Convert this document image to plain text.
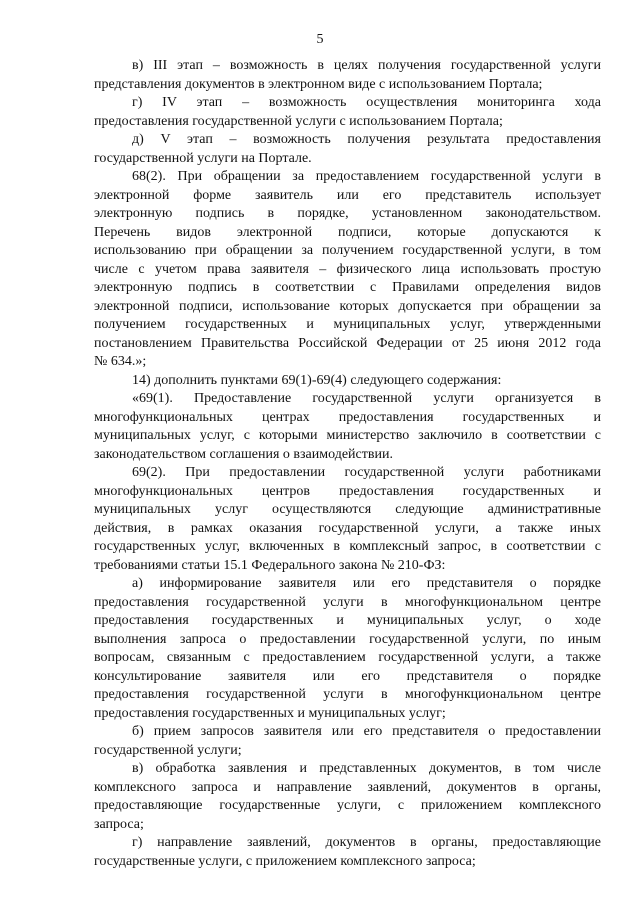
5
в) III этап – возможность в целях получения государственной услуги
представления документов в электронном виде с использованием Портала;
г) IV этап – возможность осуществления мониторинга хода
предоставления государственной услуги с использованием Портала;
д) V этап – возможность получения результата предоставления
государственной услуги на Портале.
68(2). При обращении за предоставлением государственной услуги в
электронной форме заявитель или его представитель использует
электронную подпись в порядке, установленном законодательством.
Перечень видов электронной подписи, которые допускаются к
использованию при обращении за получением государственной услуги, в том
числе с учетом права заявителя – физического лица использовать простую
электронную подпись в соответствии с Правилами определения видов
электронной подписи, использование которых допускается при обращении за
получением государственных и муниципальных услуг, утвержденными
постановлением Правительства Российской Федерации от 25 июня 2012 года
№ 634.»;
14) дополнить пунктами 69(1)-69(4) следующего содержания:
«69(1). Предоставление государственной услуги организуется в
многофункциональных центрах предоставления государственных и
муниципальных услуг, с которыми министерство заключило в соответствии с
законодательством соглашения о взаимодействии.
69(2). При предоставлении государственной услуги работниками
многофункциональных центров предоставления государственных и
муниципальных услуг осуществляются следующие административные
действия, в рамках оказания государственной услуги, а также иных
государственных услуг, включенных в комплексный запрос, в соответствии с
требованиями статьи 15.1 Федерального закона № 210-ФЗ:
а) информирование заявителя или его представителя о порядке
предоставления государственной услуги в многофункциональном центре
предоставления государственных и муниципальных услуг, о ходе
выполнения запроса о предоставлении государственной услуги, по иным
вопросам, связанным с предоставлением государственной услуги, а также
консультирование заявителя или его представителя о порядке
предоставления государственной услуги в многофункциональном центре
предоставления государственных и муниципальных услуг;
б) прием запросов заявителя или его представителя о предоставлении
государственной услуги;
в) обработка заявления и представленных документов, в том числе
комплексного запроса и направление заявлений, документов в органы,
предоставляющие государственные услуги, с приложением комплексного
запроса;
г) направление заявлений, документов в органы, предоставляющие
государственные услуги, с приложением комплексного запроса;
